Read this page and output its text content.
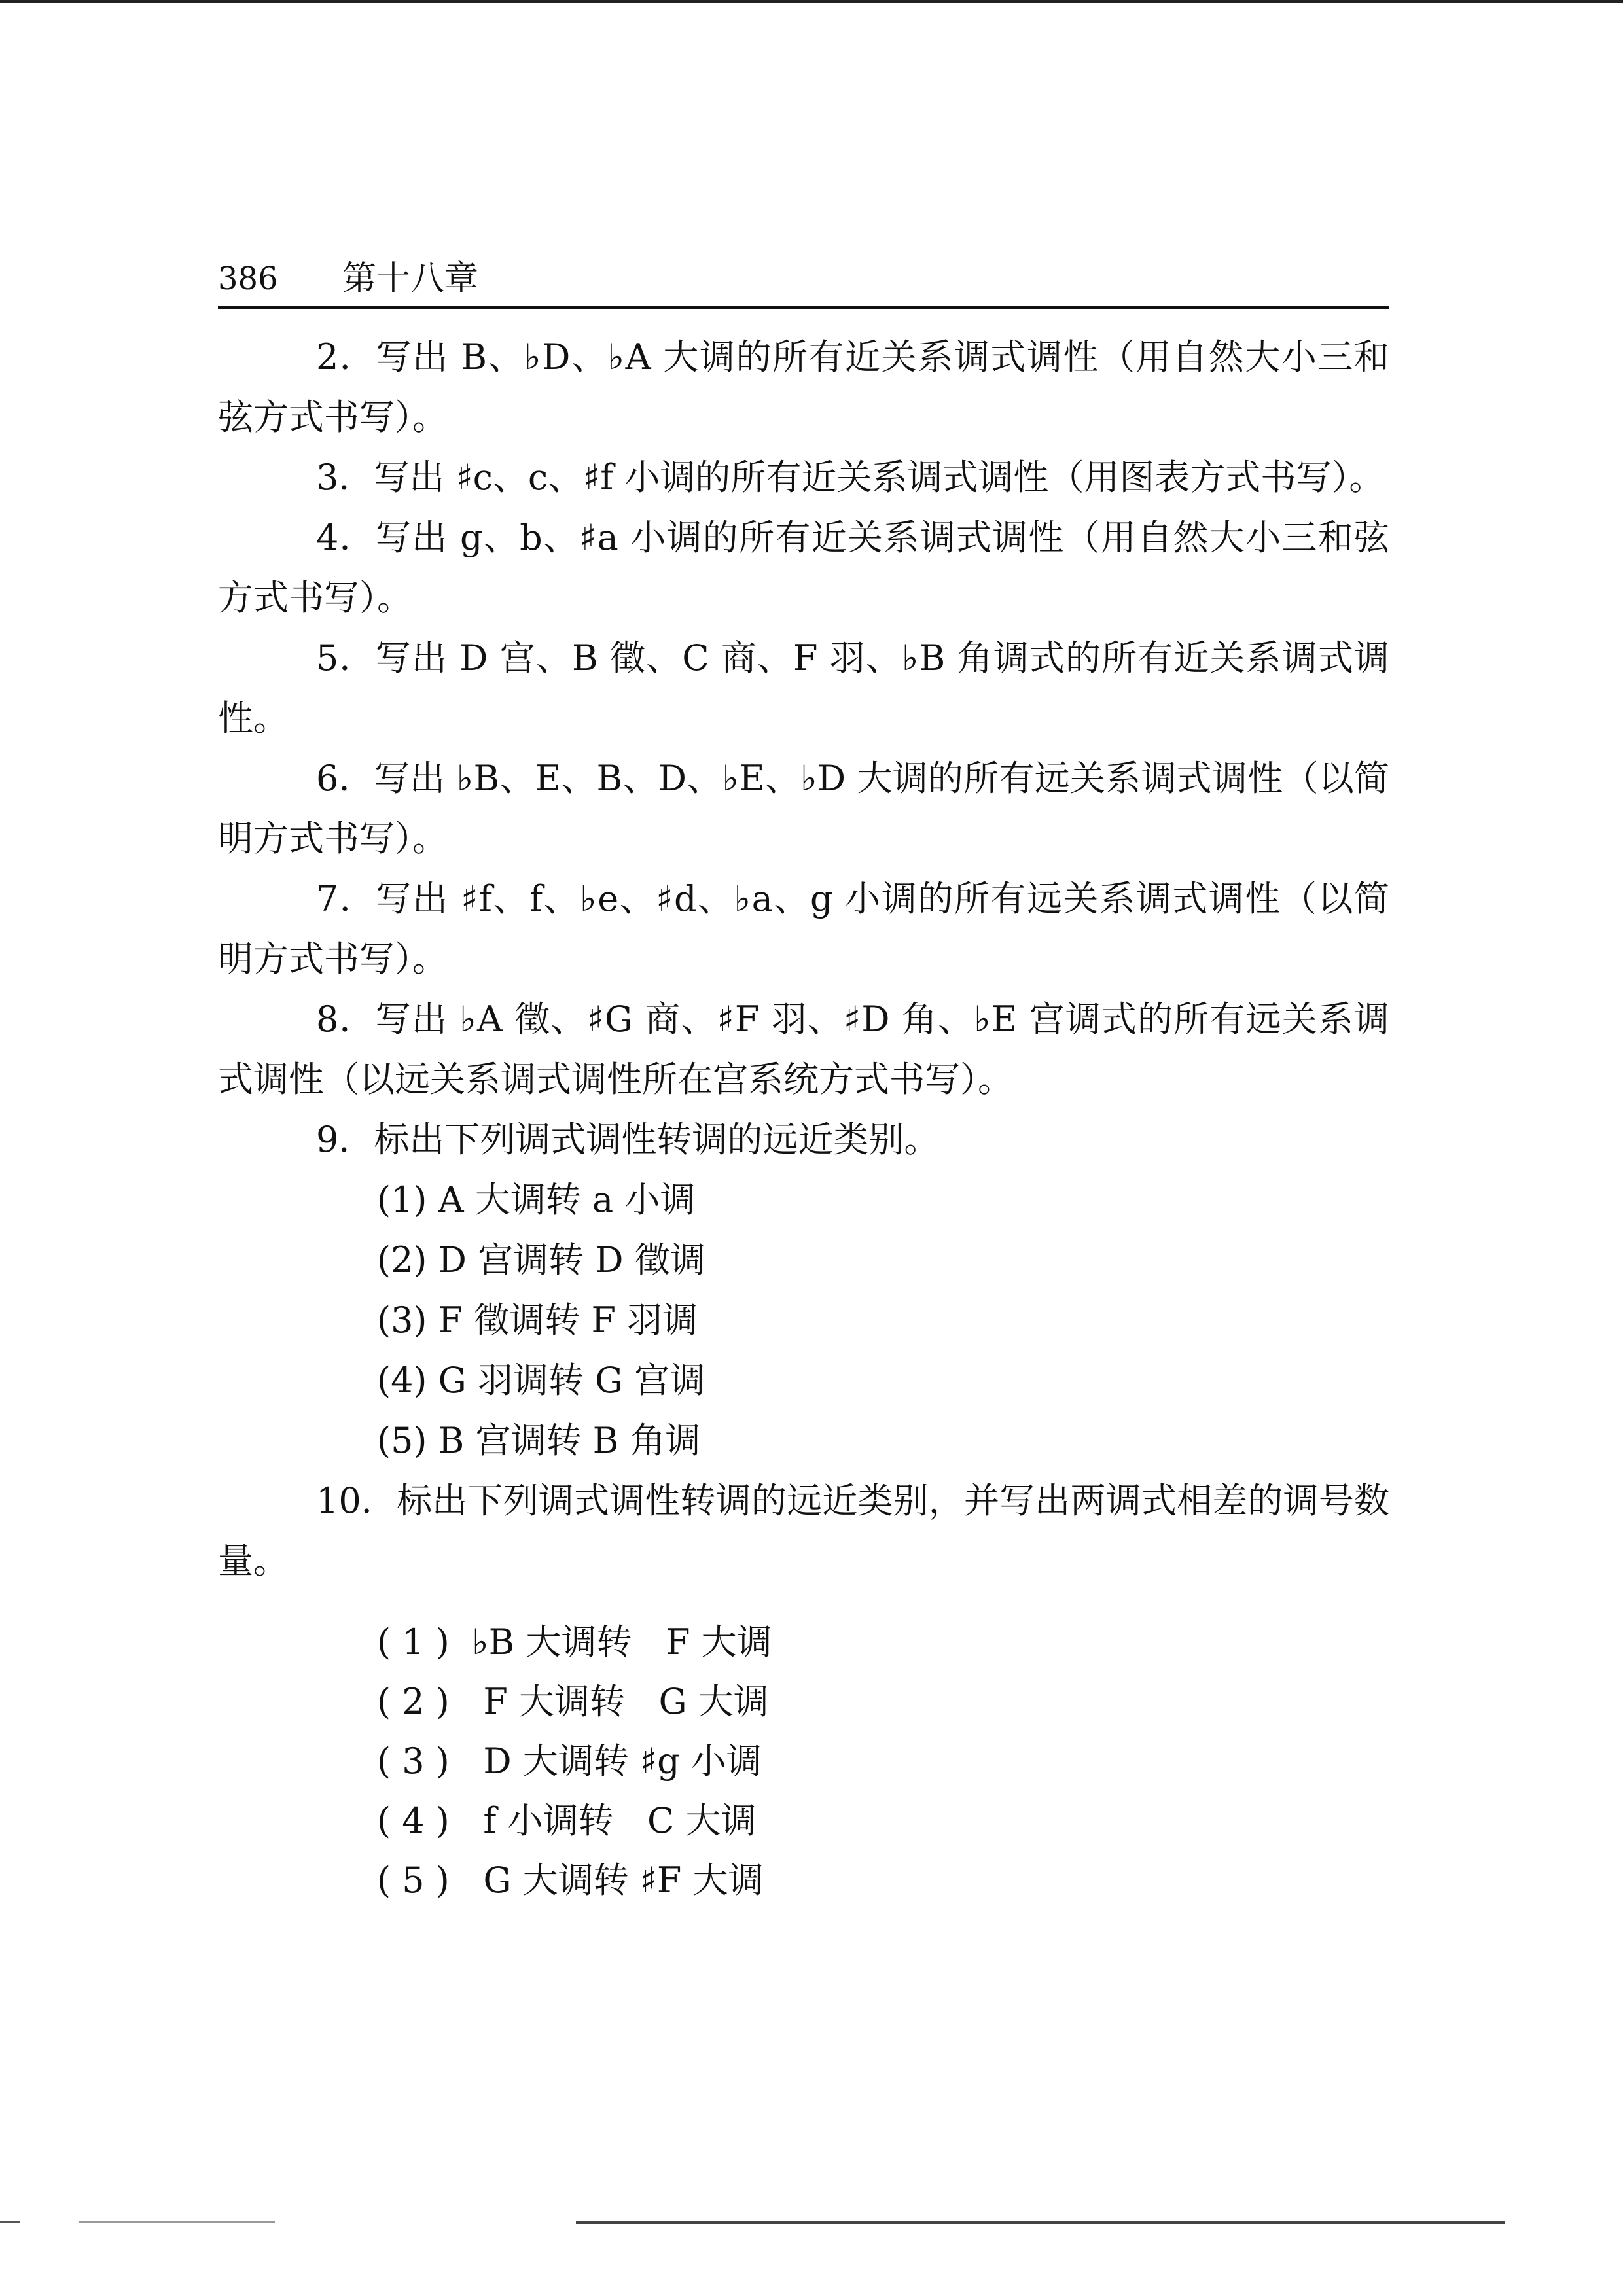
386 第十八章

2．写出 B、♭D、♭A 大调的所有近关系调式调性（用自然大小三和弦方式书写）。

3．写出 ♯c、c、♯f 小调的所有近关系调式调性（用图表方式书写）。

4．写出 g、b、♯a 小调的所有近关系调式调性（用自然大小三和弦方式书写）。

5．写出 D 宫、B 徵、C 商、F 羽、♭B 角调式的所有近关系调式调性。

6．写出 ♭B、E、B、D、♭E、♭D 大调的所有远关系调式调性（以简明方式书写）。

7．写出 ♯f、f、♭e、♯d、♭a、g 小调的所有远关系调式调性（以简明方式书写）。

8．写出 ♭A 徵、♯G 商、♯F 羽、♯D 角、♭E 宫调式的所有远关系调式调性（以远关系调式调性所在宫系统方式书写）。

9．标出下列调式调性转调的远近类别。

(1) A 大调转 a 小调

(2) D 宫调转 D 徵调

(3) F 徵调转 F 羽调

(4) G 羽调转 G 宫调

(5) B 宫调转 B 角调

10．标出下列调式调性转调的远近类别，并写出两调式相差的调号数量。

( 1 )  ♭B 大调转   F 大调

( 2 )   F 大调转   G 大调

( 3 )   D 大调转 ♯g 小调

( 4 )   f 小调转   C 大调

( 5 )   G 大调转 ♯F 大调
